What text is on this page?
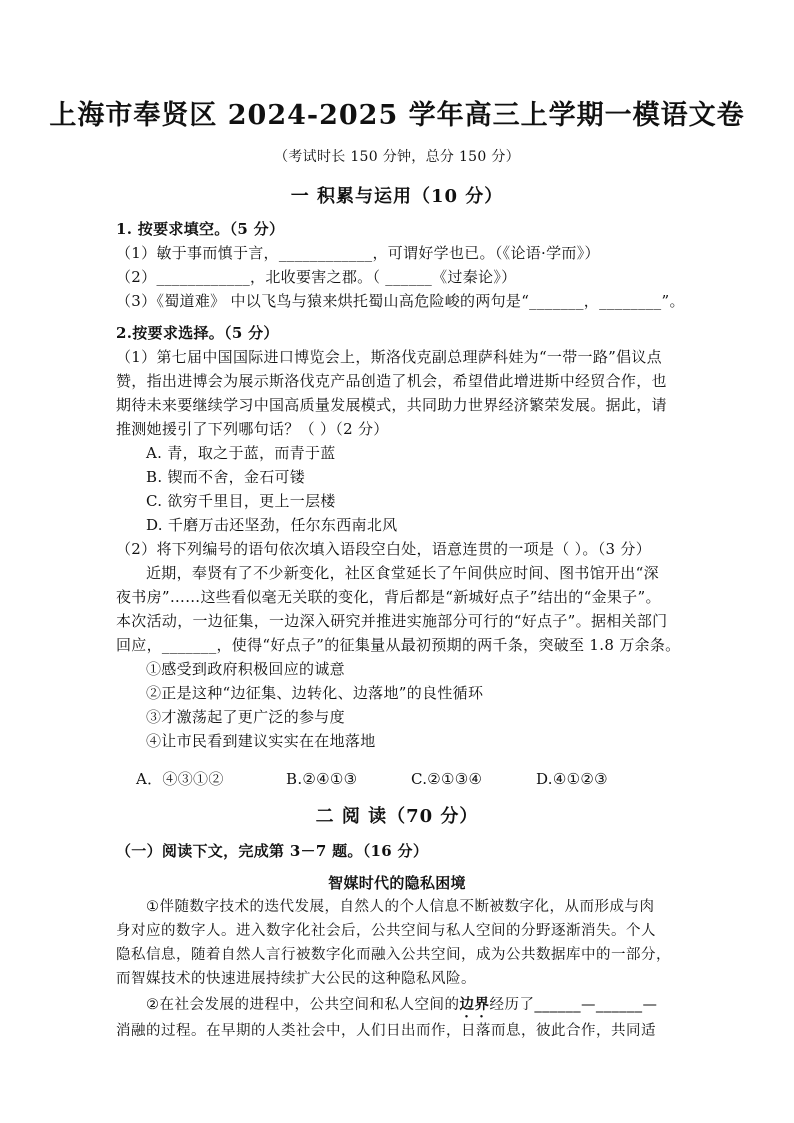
上海市奉贤区 2024-2025 学年高三上学期一模语文卷
（考试时长 150 分钟，总分 150 分）
一 积累与运用（10 分）
1. 按要求填空。（5 分）
（1）敏于事而慎于言，____________，可谓好学也已。（《论语·学而》）
（2）____________，北收要害之郡。（ ______《过秦论》）
（3）《蜀道难》 中以飞鸟与猿来烘托蜀山高危险峻的两句是“_______，________”。
2.按要求选择。（5 分）
（1）第七届中国国际进口博览会上，斯洛伐克副总理萨科娃为“一带一路”倡议点
赞，指出进博会为展示斯洛伐克产品创造了机会，希望借此增进斯中经贸合作，也
期待未来要继续学习中国高质量发展模式，共同助力世界经济繁荣发展。据此，请
推测她援引了下列哪句话？（ ）（2 分）
A. 青，取之于蓝，而青于蓝
B. 锲而不舍，金石可镂
C. 欲穷千里目，更上一层楼
D. 千磨万击还坚劲，任尔东西南北风
（2）将下列编号的语句依次填入语段空白处，语意连贯的一项是（ ）。（3 分）
近期，奉贤有了不少新变化，社区食堂延长了午间供应时间、图书馆开出“深
夜书房”……这些看似毫无关联的变化，背后都是“新城好点子”结出的“金果子”。
本次活动，一边征集，一边深入研究并推进实施部分可行的“好点子”。据相关部门
回应，_______，使得“好点子”的征集量从最初预期的两千条，突破至 1.8 万余条。
①感受到政府积极回应的诚意
②正是这种“边征集、边转化、边落地”的良性循环
③才激荡起了更广泛的参与度
④让市民看到建议实实在在地落地
A．④③①②	B.②④①③	C.②①③④	D.④①②③
二 阅 读（70 分）
（一）阅读下文，完成第 3－7 题。（16 分）
智媒时代的隐私困境
①伴随数字技术的迭代发展，自然人的个人信息不断被数字化，从而形成与肉
身对应的数字人。进入数字化社会后，公共空间与私人空间的分野逐渐消失。个人
隐私信息，随着自然人言行被数字化而融入公共空间，成为公共数据库中的一部分，
而智媒技术的快速进展持续扩大公民的这种隐私风险。
②在社会发展的进程中，公共空间和私人空间的边界经历了______—______—
消融的过程。在早期的人类社会中，人们日出而作，日落而息，彼此合作，共同适
